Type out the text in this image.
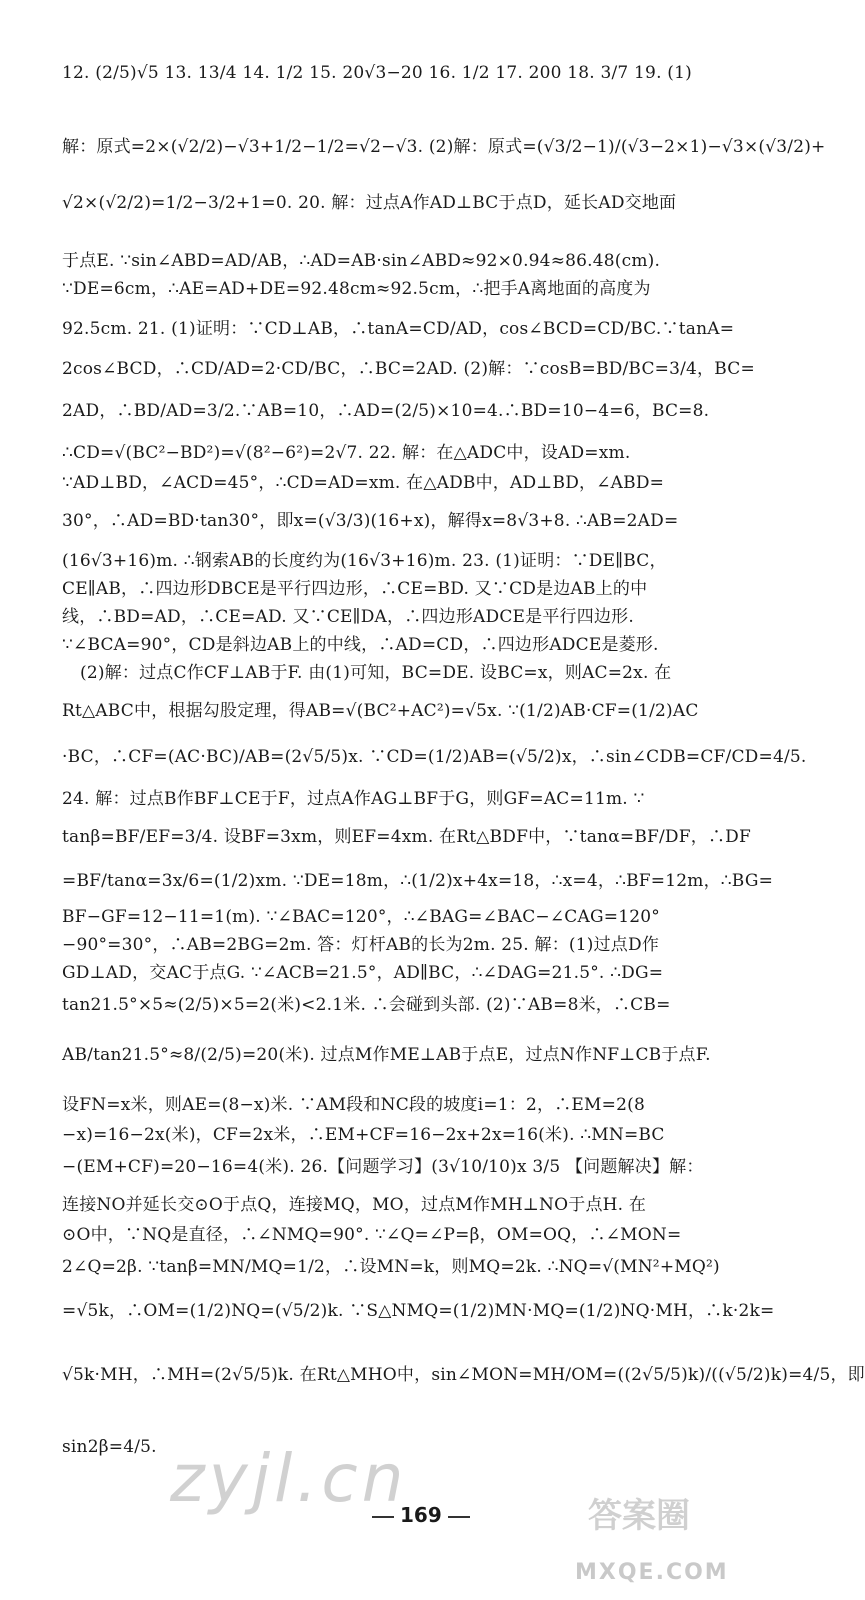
12. (2/5)√5 13. 13/4 14. 1/2 15. 20√3−20 16. 1/2 17. 200 18. 3/7 19. (1)
解：原式=2×(√2/2)−√3+1/2−1/2=√2−√3. (2)解：原式=(√3/2−1)/(√3−2×1)−√3×(√3/2)+
√2×(√2/2)=1/2−3/2+1=0. 20. 解：过点A作AD⊥BC于点D，延长AD交地面
于点E. ∵sin∠ABD=AD/AB，∴AD=AB·sin∠ABD≈92×0.94≈86.48(cm).
∵DE=6cm，∴AE=AD+DE=92.48cm≈92.5cm，∴把手A离地面的高度为
92.5cm. 21. (1)证明：∵CD⊥AB，∴tanA=CD/AD，cos∠BCD=CD/BC.∵tanA=
2cos∠BCD，∴CD/AD=2·CD/BC，∴BC=2AD. (2)解：∵cosB=BD/BC=3/4，BC=
2AD，∴BD/AD=3/2.∵AB=10，∴AD=(2/5)×10=4.∴BD=10−4=6，BC=8.
∴CD=√(BC²−BD²)=√(8²−6²)=2√7. 22. 解：在△ADC中，设AD=xm.
∵AD⊥BD，∠ACD=45°，∴CD=AD=xm. 在△ADB中，AD⊥BD，∠ABD=
30°，∴AD=BD·tan30°，即x=(√3/3)(16+x)，解得x=8√3+8. ∴AB=2AD=
(16√3+16)m. ∴钢索AB的长度约为(16√3+16)m. 23. (1)证明：∵DE∥BC，
CE∥AB，∴四边形DBCE是平行四边形，∴CE=BD. 又∵CD是边AB上的中
线，∴BD=AD，∴CE=AD. 又∵CE∥DA，∴四边形ADCE是平行四边形.
∵∠BCA=90°，CD是斜边AB上的中线，∴AD=CD，∴四边形ADCE是菱形.
(2)解：过点C作CF⊥AB于F. 由(1)可知，BC=DE. 设BC=x，则AC=2x. 在
Rt△ABC中，根据勾股定理，得AB=√(BC²+AC²)=√5x. ∵(1/2)AB·CF=(1/2)AC
·BC，∴CF=(AC·BC)/AB=(2√5/5)x. ∵CD=(1/2)AB=(√5/2)x，∴sin∠CDB=CF/CD=4/5.
24. 解：过点B作BF⊥CE于F，过点A作AG⊥BF于G，则GF=AC=11m. ∵
tanβ=BF/EF=3/4. 设BF=3xm，则EF=4xm. 在Rt△BDF中，∵tanα=BF/DF，∴DF
=BF/tanα=3x/6=(1/2)xm. ∵DE=18m，∴(1/2)x+4x=18，∴x=4，∴BF=12m，∴BG=
BF−GF=12−11=1(m). ∵∠BAC=120°，∴∠BAG=∠BAC−∠CAG=120°
−90°=30°，∴AB=2BG=2m. 答：灯杆AB的长为2m. 25. 解：(1)过点D作
GD⊥AD，交AC于点G. ∵∠ACB=21.5°，AD∥BC，∴∠DAG=21.5°. ∴DG=
tan21.5°×5≈(2/5)×5=2(米)<2.1米. ∴会碰到头部. (2)∵AB=8米，∴CB=
AB/tan21.5°≈8/(2/5)=20(米). 过点M作ME⊥AB于点E，过点N作NF⊥CB于点F.
设FN=x米，则AE=(8−x)米. ∵AM段和NC段的坡度i=1：2，∴EM=2(8
−x)=16−2x(米)，CF=2x米，∴EM+CF=16−2x+2x=16(米). ∴MN=BC
−(EM+CF)=20−16=4(米). 26.【问题学习】(3√10/10)x 3/5 【问题解决】解：
连接NO并延长交⊙O于点Q，连接MQ，MO，过点M作MH⊥NO于点H. 在
⊙O中，∵NQ是直径，∴∠NMQ=90°. ∵∠Q=∠P=β，OM=OQ，∴∠MON=
2∠Q=2β. ∵tanβ=MN/MQ=1/2，∴设MN=k，则MQ=2k. ∴NQ=√(MN²+MQ²)
=√5k，∴OM=(1/2)NQ=(√5/2)k. ∵S△NMQ=(1/2)MN·MQ=(1/2)NQ·MH，∴k·2k=
√5k·MH，∴MH=(2√5/5)k. 在Rt△MHO中，sin∠MON=MH/OM=((2√5/5)k)/((√5/2)k)=4/5，即
sin2β=4/5. zyjl.cn
169	答案圈
MXQE.COM
